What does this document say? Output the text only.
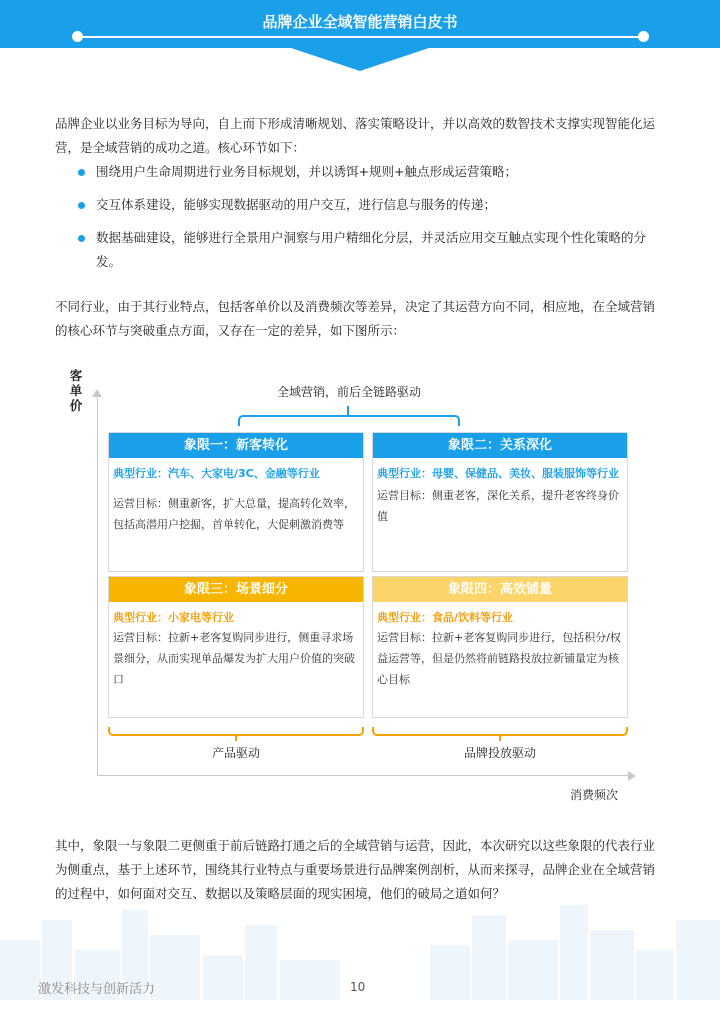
品牌企业全域智能营销白皮书
品牌企业以业务目标为导向，自上而下形成清晰规划、落实策略设计，并以高效的数智技术支撑实现智能化运营，是全域营销的成功之道。核心环节如下：
围绕用户生命周期进行业务目标规划，并以诱饵+规则+触点形成运营策略；
交互体系建设，能够实现数据驱动的用户交互，进行信息与服务的传递；
数据基础建设，能够进行全景用户洞察与用户精细化分层，并灵活应用交互触点实现个性化策略的分发。
不同行业，由于其行业特点，包括客单价以及消费频次等差异，决定了其运营方向不同，相应地，在全域营销的核心环节与突破重点方面，又存在一定的差异，如下图所示：
客单价
消费频次
全域营销，前后全链路驱动
象限一：新客转化
典型行业：汽车、大家电/3C、金融等行业
运营目标：侧重新客，扩大总量，提高转化效率，包括高潜用户挖掘，首单转化，大促刺激消费等
象限二：关系深化
典型行业：母婴、保健品、美妆、服装服饰等行业
运营目标：侧重老客，深化关系，提升老客终身价值
象限三：场景细分
典型行业：小家电等行业
运营目标：拉新+老客复购同步进行，侧重寻求场景细分，从而实现单品爆发为扩大用户价值的突破口
象限四：高效铺量
典型行业：食品/饮料等行业
运营目标：拉新+老客复购同步进行，包括积分/权益运营等，但是仍然将前链路投放拉新铺量定为核心目标
产品驱动	品牌投放驱动
其中，象限一与象限二更侧重于前后链路打通之后的全域营销与运营，因此，本次研究以这些象限的代表行业为侧重点，基于上述环节，围绕其行业特点与重要场景进行品牌案例剖析，从而来探寻，品牌企业在全域营销的过程中，如何面对交互、数据以及策略层面的现实困境，他们的破局之道如何？
激发科技与创新活力	10
